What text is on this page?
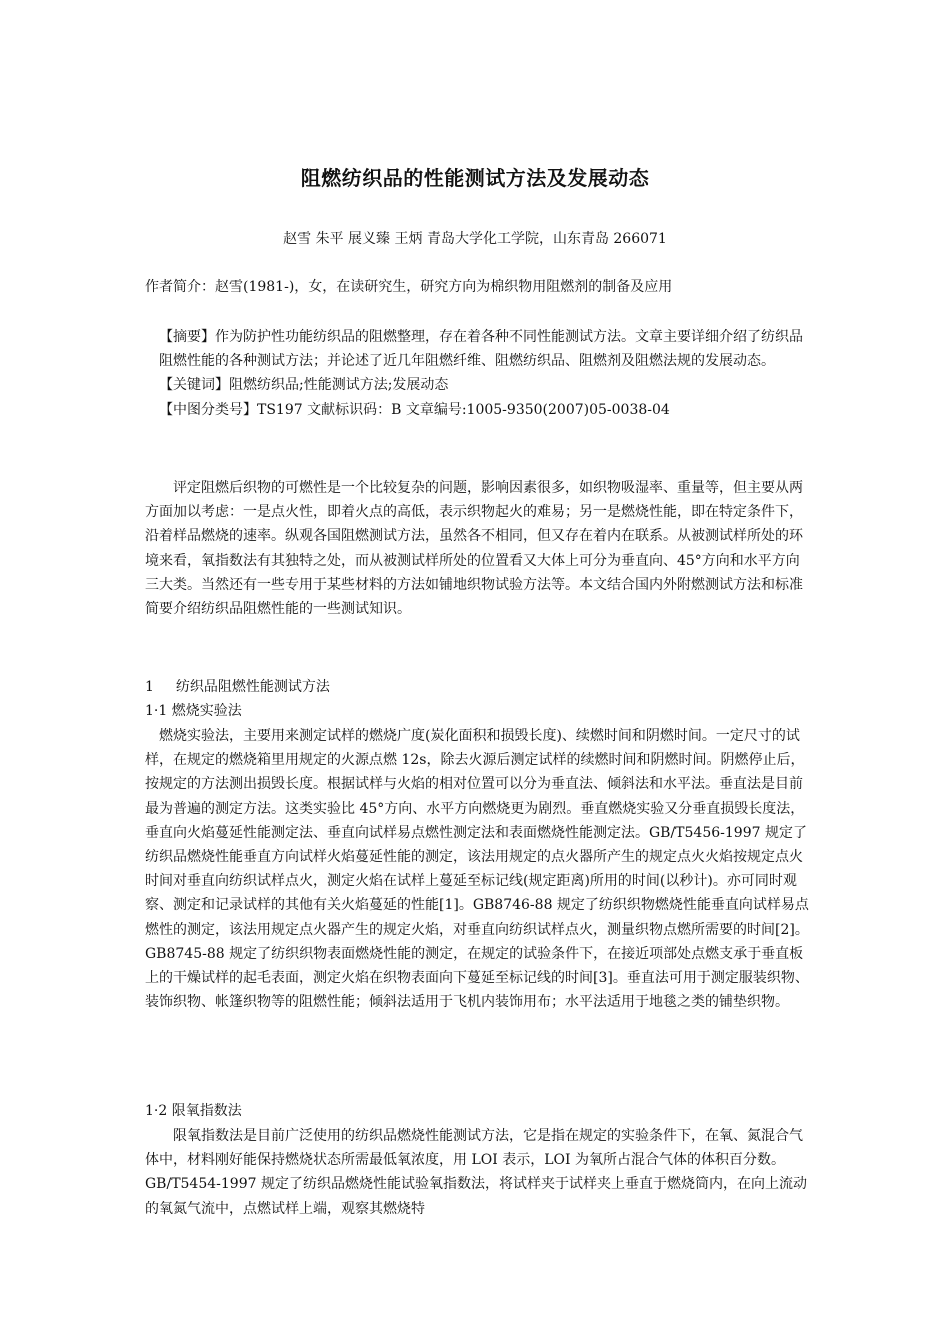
阻燃纺织品的性能测试方法及发展动态
赵雪 朱平 展义臻 王炳 青岛大学化工学院，山东青岛 266071
作者简介：赵雪(1981-)，女，在读研究生，研究方向为棉织物用阻燃剂的制备及应用

【摘要】作为防护性功能纺织品的阻燃整理，存在着各种不同性能测试方法。文章主要详细介绍了纺织品阻燃性能的各种测试方法；并论述了近几年阻燃纤维、阻燃纺织品、阻燃剂及阻燃法规的发展动态。

【关键词】阻燃纺织品;性能测试方法;发展动态

【中图分类号】TS197 文献标识码：B 文章编号:1005-9350(2007)05-0038-04

评定阻燃后织物的可燃性是一个比较复杂的问题，影响因素很多，如织物吸湿率、重量等，但主要从两方面加以考虑：一是点火性，即着火点的高低，表示织物起火的难易；另一是燃烧性能，即在特定条件下，沿着样品燃烧的速率。纵观各国阻燃测试方法，虽然各不相同，但又存在着内在联系。从被测试样所处的环境来看，氧指数法有其独特之处，而从被测试样所处的位置看又大体上可分为垂直向、45°方向和水平方向三大类。当然还有一些专用于某些材料的方法如铺地织物试验方法等。本文结合国内外附燃测试方法和标准简要介绍纺织品阻燃性能的一些测试知识。

1 纺织品阻燃性能测试方法
1·1 燃烧实验法

燃烧实验法，主要用来测定试样的燃烧广度(炭化面积和损毁长度)、续燃时间和阴燃时间。一定尺寸的试样，在规定的燃烧箱里用规定的火源点燃 12s，除去火源后测定试样的续燃时间和阴燃时间。阴燃停止后，按规定的方法测出损毁长度。根据试样与火焰的相对位置可以分为垂直法、倾斜法和水平法。垂直法是目前最为普遍的测定方法。这类实验比 45°方向、水平方向燃烧更为剧烈。垂直燃烧实验又分垂直损毁长度法，垂直向火焰蔓延性能测定法、垂直向试样易点燃性测定法和表面燃烧性能测定法。GB/T5456-1997 规定了纺织品燃烧性能垂直方向试样火焰蔓延性能的测定，该法用规定的点火器所产生的规定点火火焰按规定点火时间对垂直向纺织试样点火，测定火焰在试样上蔓延至标记线(规定距离)所用的时间(以秒计)。亦可同时观察、测定和记录试样的其他有关火焰蔓延的性能[1]。GB8746-88 规定了纺织织物燃烧性能垂直向试样易点燃性的测定，该法用规定点火器产生的规定火焰，对垂直向纺织试样点火，测量织物点燃所需要的时间[2]。GB8745-88 规定了纺织织物表面燃烧性能的测定，在规定的试验条件下，在接近项部处点燃支承于垂直板上的干燥试样的起毛表面，测定火焰在织物表面向下蔓延至标记线的时间[3]。垂直法可用于测定服装织物、装饰织物、帐篷织物等的阻燃性能；倾斜法适用于飞机内装饰用布；水平法适用于地毯之类的铺垫织物。

1·2 限氧指数法

限氧指数法是目前广泛使用的纺织品燃烧性能测试方法，它是指在规定的实验条件下，在氧、氮混合气体中，材料刚好能保持燃烧状态所需最低氧浓度，用 LOI 表示，LOI 为氧所占混合气体的体积百分数。GB/T5454-1997 规定了纺织品燃烧性能试验氧指数法，将试样夹于试样夹上垂直于燃烧筒内，在向上流动的氧氮气流中，点燃试样上端，观察其燃烧特
